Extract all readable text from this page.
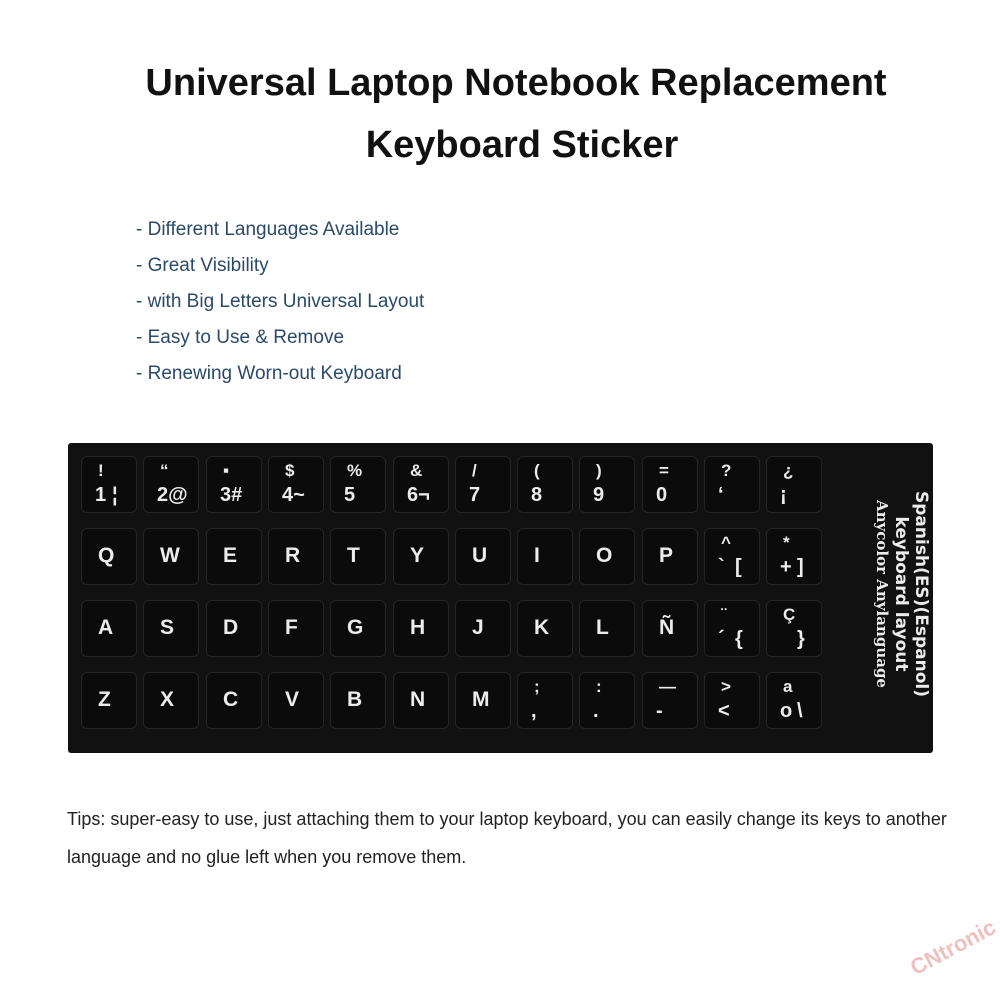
Universal Laptop Notebook Replacement
Keyboard Sticker
- Different Languages Available
- Great Visibility
- with Big Letters Universal Layout
- Easy to Use & Remove
- Renewing Worn-out Keyboard
Spanish(ES)(Espanol)
keyboard layout
Anycolor Anylanguage
!
1 ¦
“
2@
▪
3#
$
4~
%
5
&
6¬
/
7
(
8
)
9
=
0
?
‘
¿
¡
Q W E R T Y U I	O P
^
` [
*
+ ]
A S D F G H J K L Ñ
¨
´ {
Ç
}
Z X C V B N M
;
,
:
.
—
-
>
<
a
o \

Tips: super-easy to use, just attaching them to your laptop keyboard, you can easily change its keys to another language and no glue left when you remove them.

CNtronic
